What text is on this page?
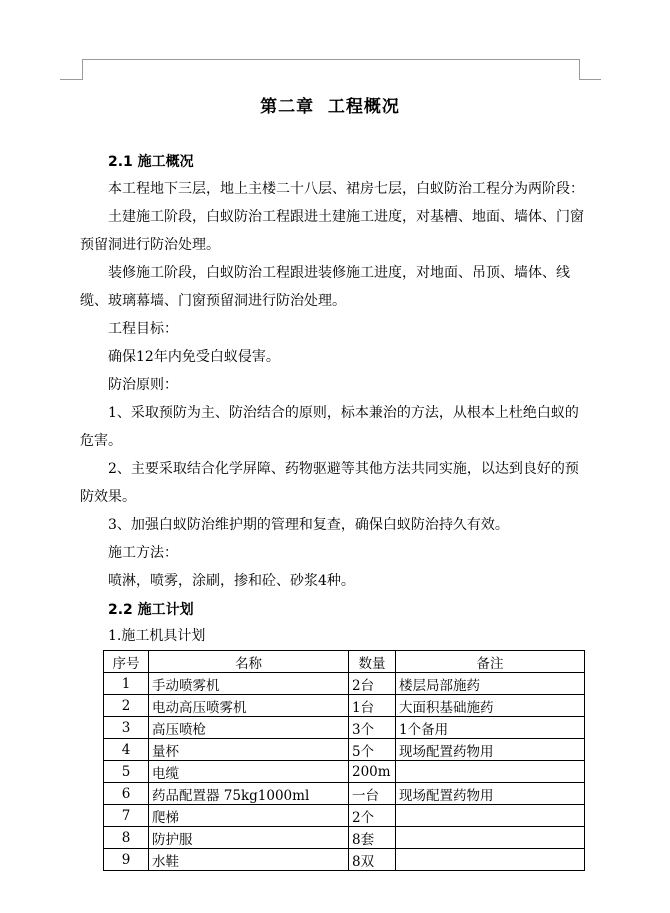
第二章  工程概况
2.1 施工概况

本工程地下三层，地上主楼二十八层、裙房七层，白蚁防治工程分为两阶段：

土建施工阶段，白蚁防治工程跟进土建施工进度，对基槽、地面、墙体、门窗预留洞进行防治处理。

装修施工阶段，白蚁防治工程跟进装修施工进度，对地面、吊顶、墙体、线缆、玻璃幕墙、门窗预留洞进行防治处理。

工程目标：

确保12年内免受白蚁侵害。

防治原则：

1、采取预防为主、防治结合的原则，标本兼治的方法，从根本上杜绝白蚁的危害。

2、主要采取结合化学屏障、药物驱避等其他方法共同实施，以达到良好的预防效果。

3、加强白蚁防治维护期的管理和复查，确保白蚁防治持久有效。

施工方法：

喷淋，喷雾，涂刷，掺和砼、砂浆4种。

2.2 施工计划
1.施工机具计划
序号	名称	数量	备注
1	手动喷雾机	2台	楼层局部施药
2	电动高压喷雾机	1台	大面积基础施药
3	高压喷枪	3个	1个备用
4	量杯	5个	现场配置药物用
5	电缆	200m	
6	药品配置器 75kg1000ml	一台	现场配置药物用
7	爬梯	2个	
8	防护服	8套	
9	水鞋	8双	
